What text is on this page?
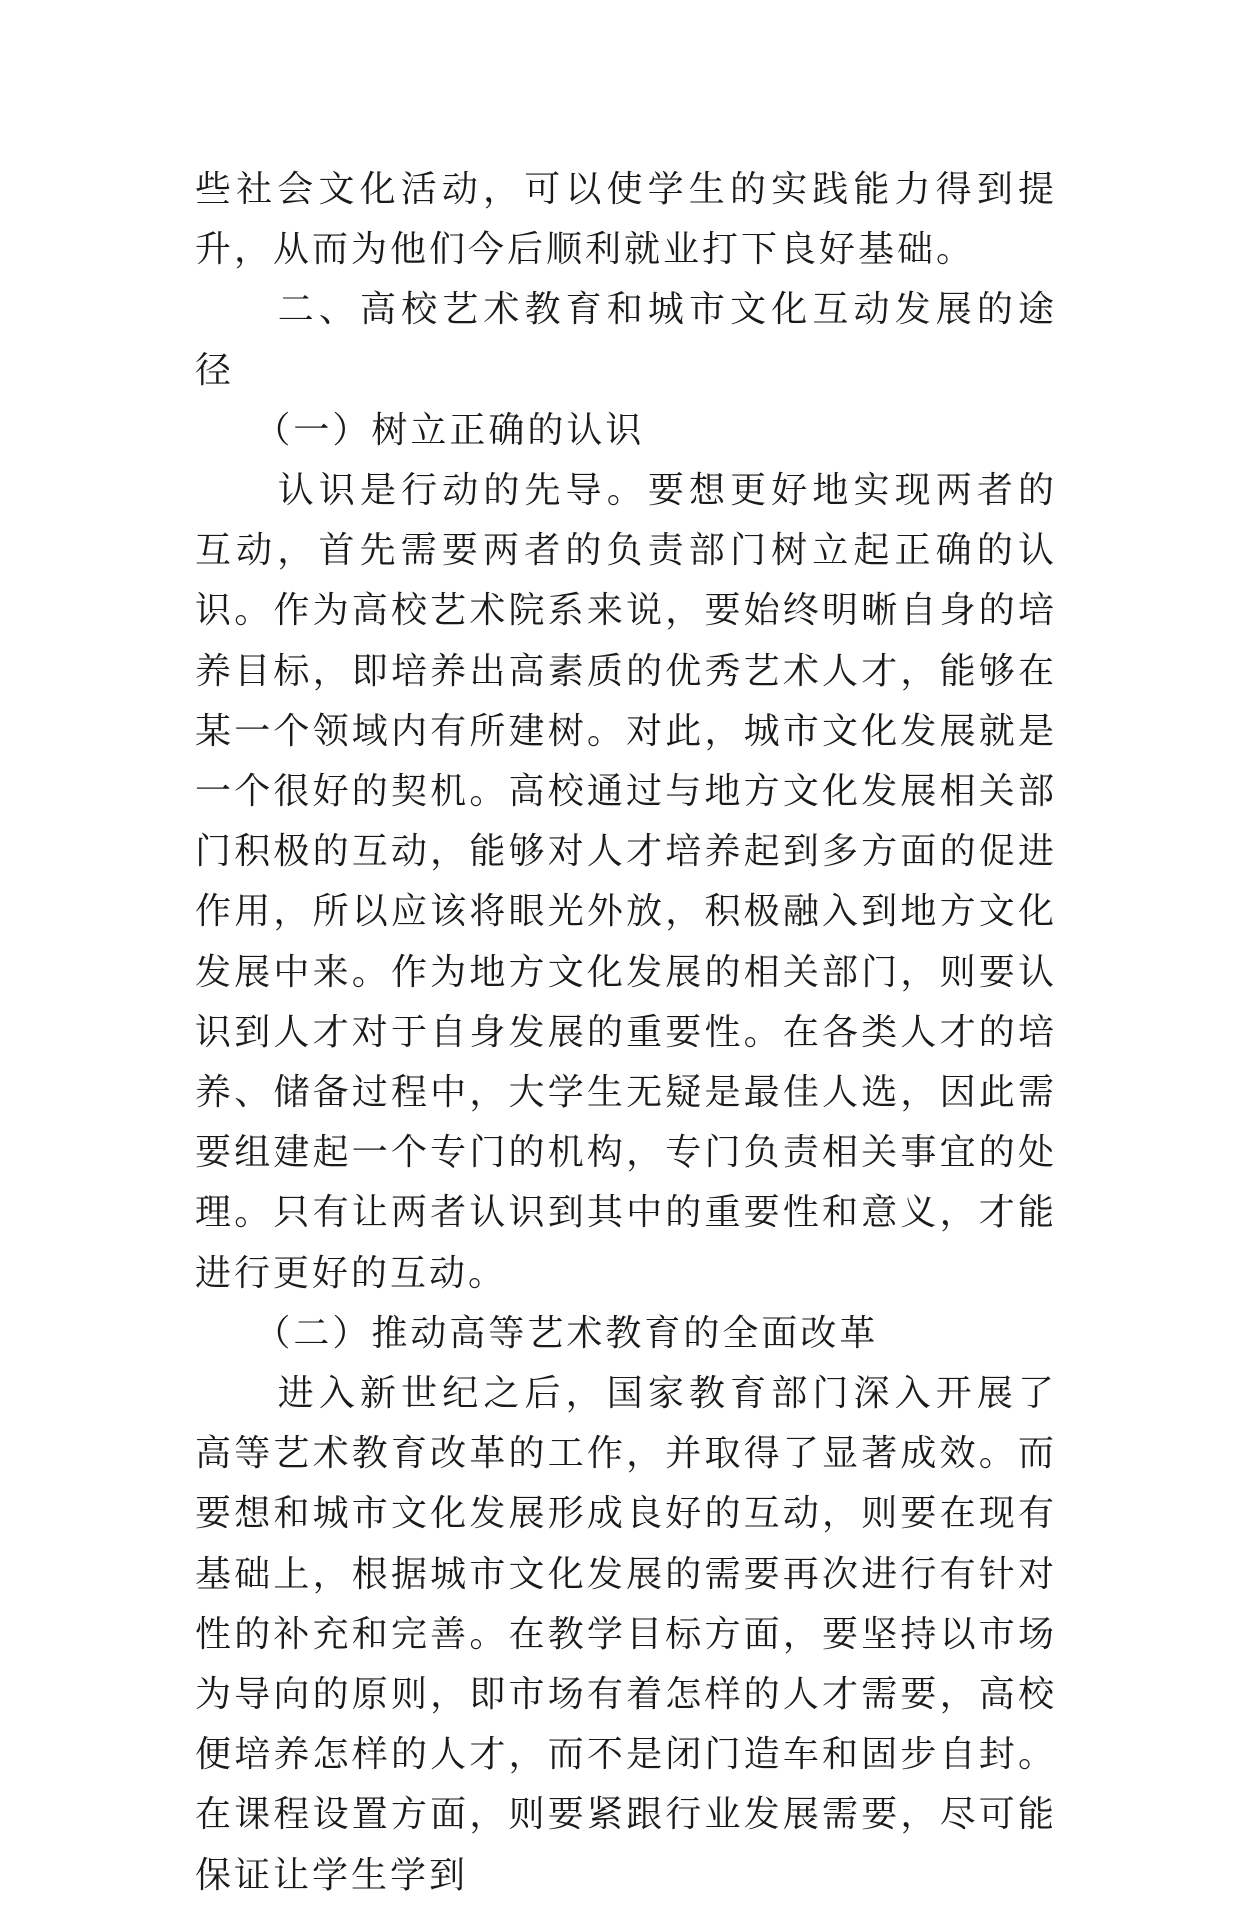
些社会文化活动，可以使学生的实践能力得到提升，从而为他们今后顺利就业打下良好基础。

二、高校艺术教育和城市文化互动发展的途径

（一）树立正确的认识

认识是行动的先导。要想更好地实现两者的互动，首先需要两者的负责部门树立起正确的认识。作为高校艺术院系来说，要始终明晰自身的培养目标，即培养出高素质的优秀艺术人才，能够在某一个领域内有所建树。对此，城市文化发展就是一个很好的契机。高校通过与地方文化发展相关部门积极的互动，能够对人才培养起到多方面的促进作用，所以应该将眼光外放，积极融入到地方文化发展中来。作为地方文化发展的相关部门，则要认识到人才对于自身发展的重要性。在各类人才的培养、储备过程中，大学生无疑是最佳人选，因此需要组建起一个专门的机构，专门负责相关事宜的处理。只有让两者认识到其中的重要性和意义，才能进行更好的互动。

（二）推动高等艺术教育的全面改革

进入新世纪之后，国家教育部门深入开展了高等艺术教育改革的工作，并取得了显著成效。而要想和城市文化发展形成良好的互动，则要在现有基础上，根据城市文化发展的需要再次进行有针对性的补充和完善。在教学目标方面，要坚持以市场为导向的原则，即市场有着怎样的人才需要，高校便培养怎样的人才，而不是闭门造车和固步自封。在课程设置方面，则要紧跟行业发展需要，尽可能保证让学生学到
